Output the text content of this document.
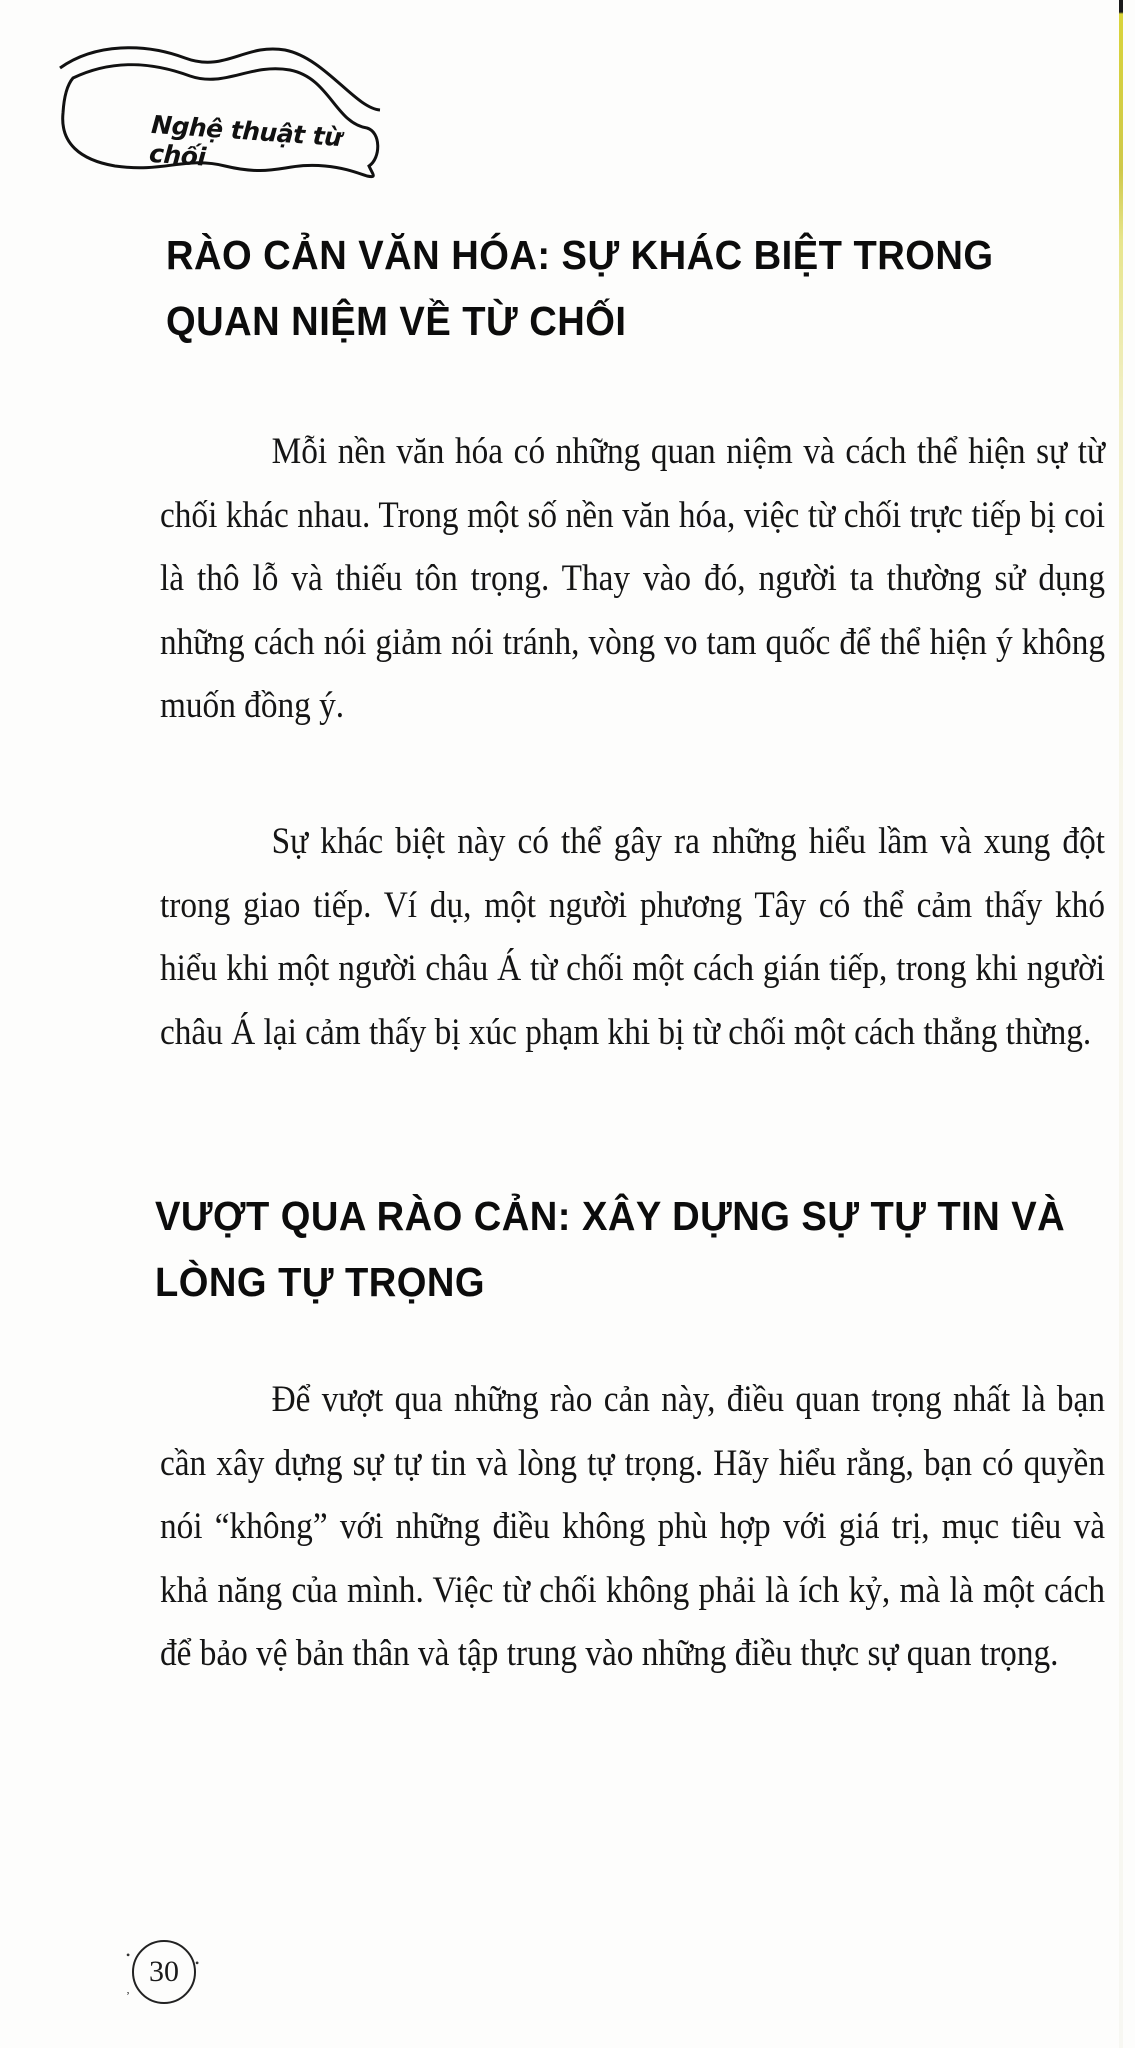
Nghệ thuật từ chối
RÀO CẢN VĂN HÓA: SỰ KHÁC BIỆT TRONG QUAN NIỆM VỀ TỪ CHỐI

Mỗi nền văn hóa có những quan niệm và cách thể hiện sự từ chối khác nhau. Trong một số nền văn hóa, việc từ chối trực tiếp bị coi là thô lỗ và thiếu tôn trọng. Thay vào đó, người ta thường sử dụng những cách nói giảm nói tránh, vòng vo tam quốc để thể hiện ý không muốn đồng ý.

Sự khác biệt này có thể gây ra những hiểu lầm và xung đột trong giao tiếp. Ví dụ, một người phương Tây có thể cảm thấy khó hiểu khi một người châu Á từ chối một cách gián tiếp, trong khi người châu Á lại cảm thấy bị xúc phạm khi bị từ chối một cách thẳng thừng.

VƯỢT QUA RÀO CẢN: XÂY DỰNG SỰ TỰ TIN VÀ LÒNG TỰ TRỌNG

Để vượt qua những rào cản này, điều quan trọng nhất là bạn cần xây dựng sự tự tin và lòng tự trọng. Hãy hiểu rằng, bạn có quyền nói “không” với những điều không phù hợp với giá trị, mục tiêu và khả năng của mình. Việc từ chối không phải là ích kỷ, mà là một cách để bảo vệ bản thân và tập trung vào những điều thực sự quan trọng.

•
‚
•
30
